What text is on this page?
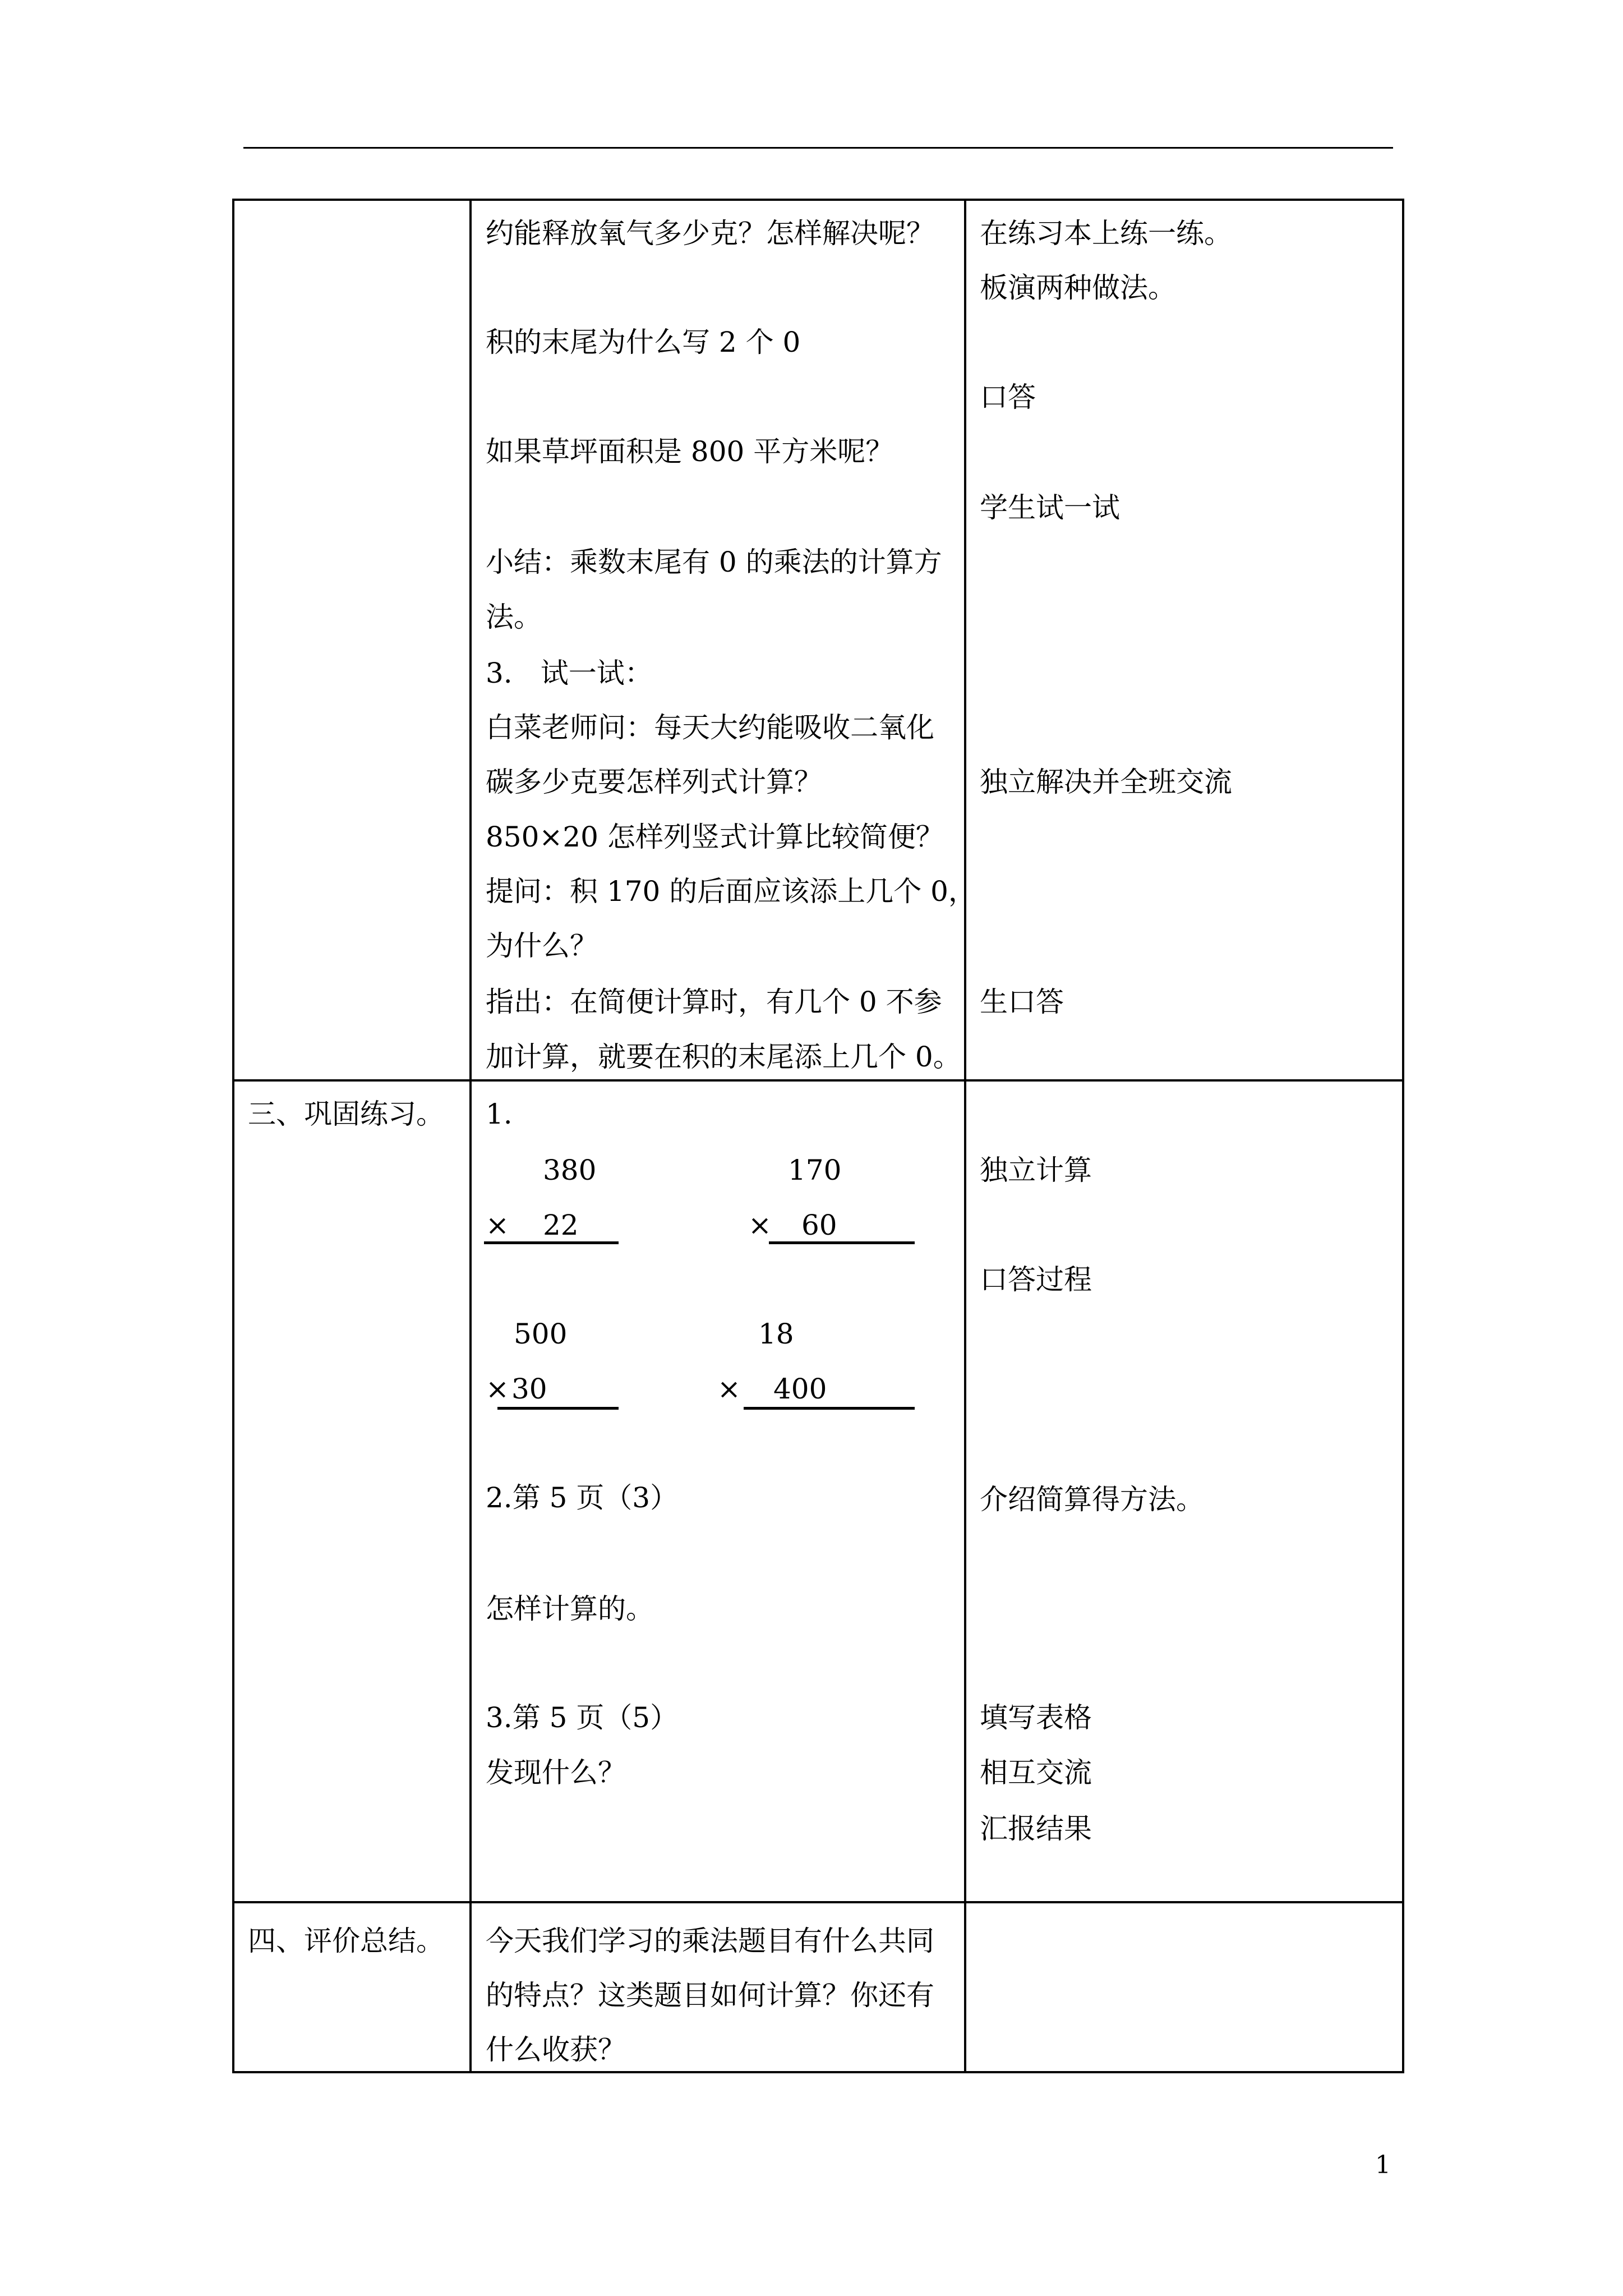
约能释放氧气多少克？怎样解决呢？
积的末尾为什么写 2 个 0
如果草坪面积是 800 平方米呢？
小结：乘数末尾有 0 的乘法的计算方
法。
3.　试一试：
白菜老师问：每天大约能吸收二氧化
碳多少克要怎样列式计算？
850×20 怎样列竖式计算比较简便？
提问：积 170 的后面应该添上几个 0，
为什么？
指出：在简便计算时，有几个 0 不参
加计算，就要在积的末尾添上几个 0。
在练习本上练一练。
板演两种做法。
口答
学生试一试
独立解决并全班交流
生口答
三、巩固练习。 1.
380
× 22
170
× 60
500
× 30
18
× 400
2.第 5 页（3）
怎样计算的。
3.第 5 页（5）
发现什么？
独立计算
口答过程
介绍简算得方法。
填写表格
相互交流
汇报结果
四、评价总结。 今天我们学习的乘法题目有什么共同
的特点？这类题目如何计算？你还有
什么收获？
1
